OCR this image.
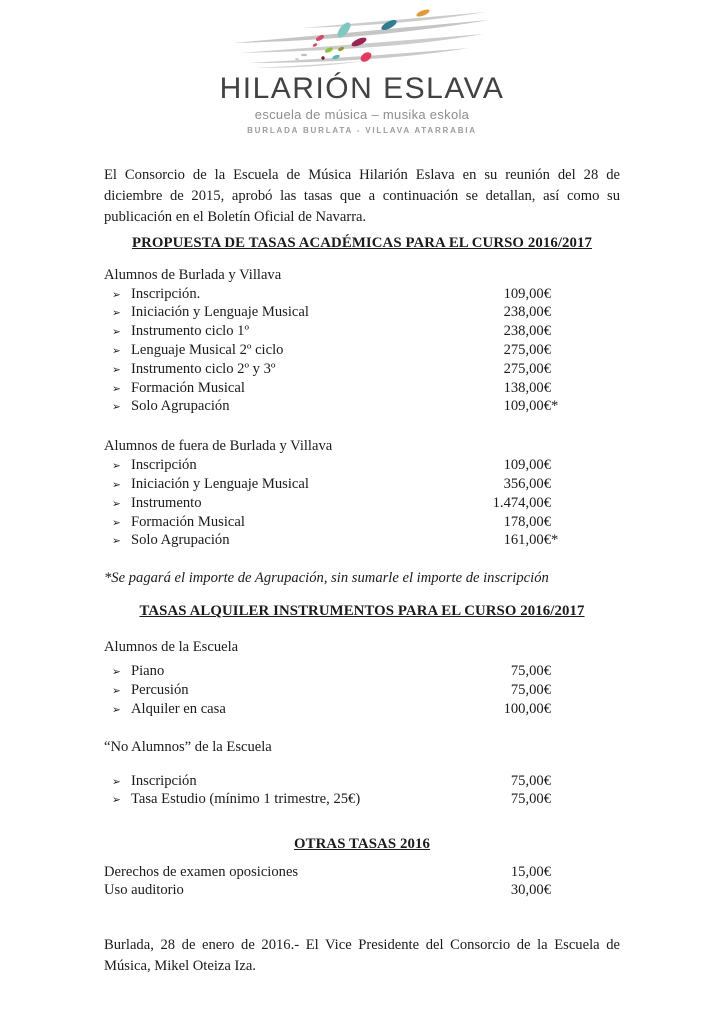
HILARIÓN ESLAVA
escuela de música – musika eskola
BURLADA BURLATA - VILLAVA ATARRABIA

El Consorcio de la Escuela de Música Hilarión Eslava en su reunión del 28 de diciembre de 2015, aprobó las tasas que a continuación se detallan, así como su publicación en el Boletín Oficial de Navarra.

PROPUESTA DE TASAS ACADÉMICAS PARA EL CURSO 2016/2017
Alumnos de Burlada y Villava
➢ Inscripción.	109,00€
➢ Iniciación y Lenguaje Musical	238,00€
➢ Instrumento ciclo 1º	238,00€
➢ Lenguaje Musical 2º ciclo	275,00€
➢ Instrumento ciclo 2º y 3º	275,00€
➢ Formación Musical	138,00€
➢ Solo Agrupación	109,00€ *
Alumnos de fuera de Burlada y Villava
➢ Inscripción	109,00€
➢ Iniciación y Lenguaje Musical	356,00€
➢ Instrumento	1.474,00€
➢ Formación Musical	178,00€
➢ Solo Agrupación	161,00€ *

*Se pagará el importe de Agrupación, sin sumarle el importe de inscripción

TASAS ALQUILER INSTRUMENTOS PARA EL CURSO 2016/2017
Alumnos de la Escuela
➢ Piano	75,00€
➢ Percusión	75,00€
➢ Alquiler en casa	100,00€
“No Alumnos” de la Escuela
➢ Inscripción	75,00€
➢ Tasa Estudio (mínimo 1 trimestre, 25€)	75,00€
OTRAS TASAS 2016
Derechos de examen oposiciones	15,00€
Uso auditorio	30,00€

Burlada, 28 de enero de 2016.- El Vice Presidente del Consorcio de la Escuela de Música, Mikel Oteiza Iza.
